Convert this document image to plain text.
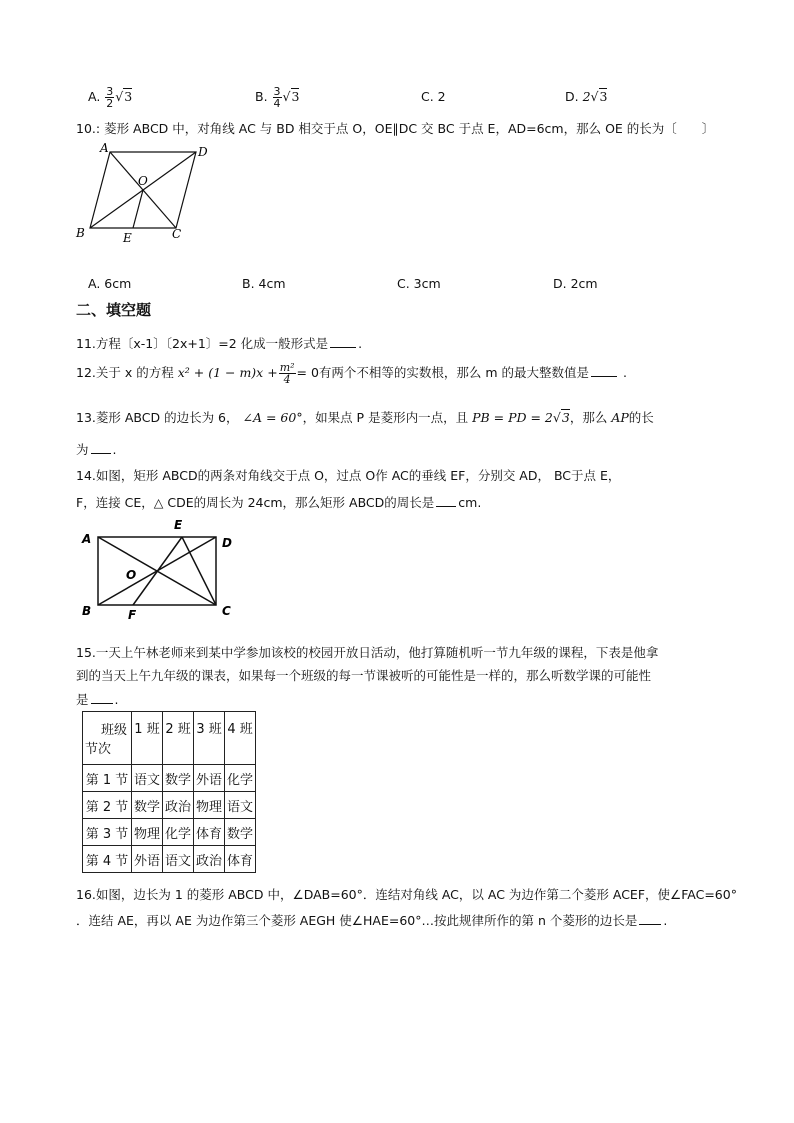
A. $\frac{3}{2} √3$	B. $\frac{3}{4} √3$	C. 2	D. 2√3
10.: 菱形 ABCD 中，对角线 AC 与 BD 相交于点 O，OE∥DC 交 BC 于点 E，AD=6cm，那么 OE 的长为〔　　〕
A	D
O
B	E	C
A. 6cm	B. 4cm	C. 3cm	D. 2cm
二、填空题
11.方程〔x-1〕〔2x+1〕=2 化成一般形式是 .
12.关于 x 的方程 $x^2 + (1 - m)x + \frac{\text{m²}}{4} = 0$有两个不相等的实数根，那么 m 的最大整数值是	.
13.菱形 ABCD 的边长为 6， ∠A = 60°，如果点 P 是菱形内一点，且 PB = PD = 2√3，那么 AP的长
为 .
14.如图，矩形 ABCD的两条对角线交于点 O，过点 O作 AC的垂线 EF，分别交 AD， BC于点 E，
F，连接 CE，△ CDE的周长为 24cm，那么矩形 ABCD的周长是 cm.
A
E
D
O
B	F	C
15.一天上午林老师来到某中学参加该校的校园开放日活动，他打算随机听一节九年级的课程，下表是他拿
到的当天上午九年级的课表，如果每一个班级的每一节课被听的可能性是一样的，那么听数学课的可能性
是 .
班级
节次	1 班	2 班	3 班	4 班
第 1 节	语文	数学	外语	化学
第 2 节	数学	政治	物理	语文
第 3 节	物理	化学	体育	数学
第 4 节	外语	语文	政治	体育
16.如图，边长为 1 的菱形 ABCD 中，∠DAB=60°．连结对角线 AC，以 AC 为边作第二个菱形 ACEF，使∠FAC=60°
．连结 AE，再以 AE 为边作第三个菱形 AEGH 使∠HAE=60°…按此规律所作的第 n 个菱形的边长是 .
